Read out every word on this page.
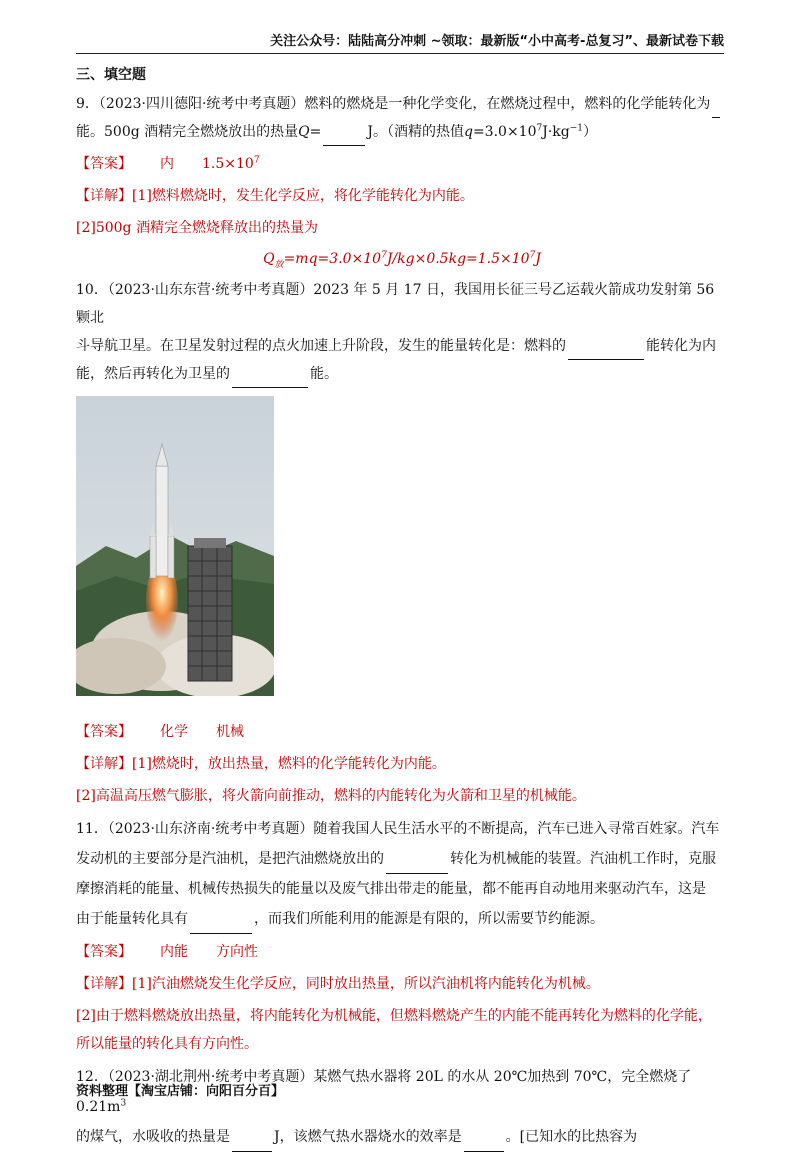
关注公众号：陆陆高分冲刺 ~领取：最新版“小中高考-总复习”、最新试卷下载
三、填空题

9．（2023·四川德阳·统考中考真题）燃料的燃烧是一种化学变化，在燃烧过程中，燃料的化学能转化为
能。500g 酒精完全燃烧放出的热量Q=	J。（酒精的热值$q=3.0\times 10^7J\cdot kg^{-1}$）

【答案】 内 $1.5\times 10^7$

【详解】[1]燃料燃烧时，发生化学反应，将化学能转化为内能。

[2]500g 酒精完全燃烧释放出的热量为

$Q_放=mq=3.0\times 10^7J/kg\times 0.5kg=1.5\times 10^7J$

10．（2023·山东东营·统考中考真题）2023 年 5 月 17 日，我国用长征三号乙运载火箭成功发射第 56 颗北
斗导航卫星。在卫星发射过程的点火加速上升阶段，发生的能量转化是：燃料的	能转化为内
能，然后再转化为卫星的	能。

【答案】 化学 机械

【详解】[1]燃烧时，放出热量，燃料的化学能转化为内能。

[2]高温高压燃气膨胀，将火箭向前推动，燃料的内能转化为火箭和卫星的机械能。

11．（2023·山东济南·统考中考真题）随着我国人民生活水平的不断提高，汽车已进入寻常百姓家。汽车
发动机的主要部分是汽油机，是把汽油燃烧放出的	转化为机械能的装置。汽油机工作时，克服
摩擦消耗的能量、机械传热损失的能量以及废气排出带走的能量，都不能再自动地用来驱动汽车，这是
由于能量转化具有	，而我们所能利用的能源是有限的，所以需要节约能源。

【答案】 内能 方向性

【详解】[1]汽油燃烧发生化学反应，同时放出热量，所以汽油机将内能转化为机械。

[2]由于燃料燃烧放出热量，将内能转化为机械能，但燃料燃烧产生的内能不能再转化为燃料的化学能，
所以能量的转化具有方向性。

12．（2023·湖北荆州·统考中考真题）某燃气热水器将 20L 的水从 20℃加热到 70℃，完全燃烧了 $0.21m^3$
的煤气，水吸收的热量是	J，该燃气热水器烧水的效率是	。[已知水的比热容为

资料整理【淘宝店铺：向阳百分百】
